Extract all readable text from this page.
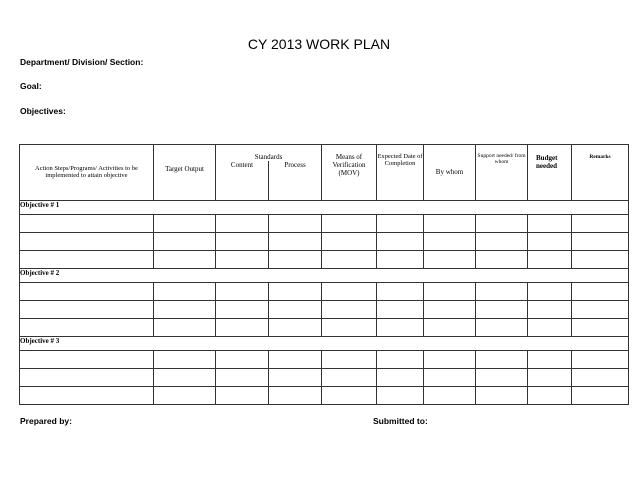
CY 2013 WORK PLAN
Department/ Division/ Section:
Goal:
Objectives:
Action Steps/Programs/ Activities to be implemented to attain objective	Target Output	Standards		Means of Verification (MOV)	Expected Date of Completion	By whom	Support needed/ from whom	Budget needed	Remarks
		Content	Process						
Objective # 1									

Objective # 2									

Objective # 3									

Prepared by:	Submitted to:
